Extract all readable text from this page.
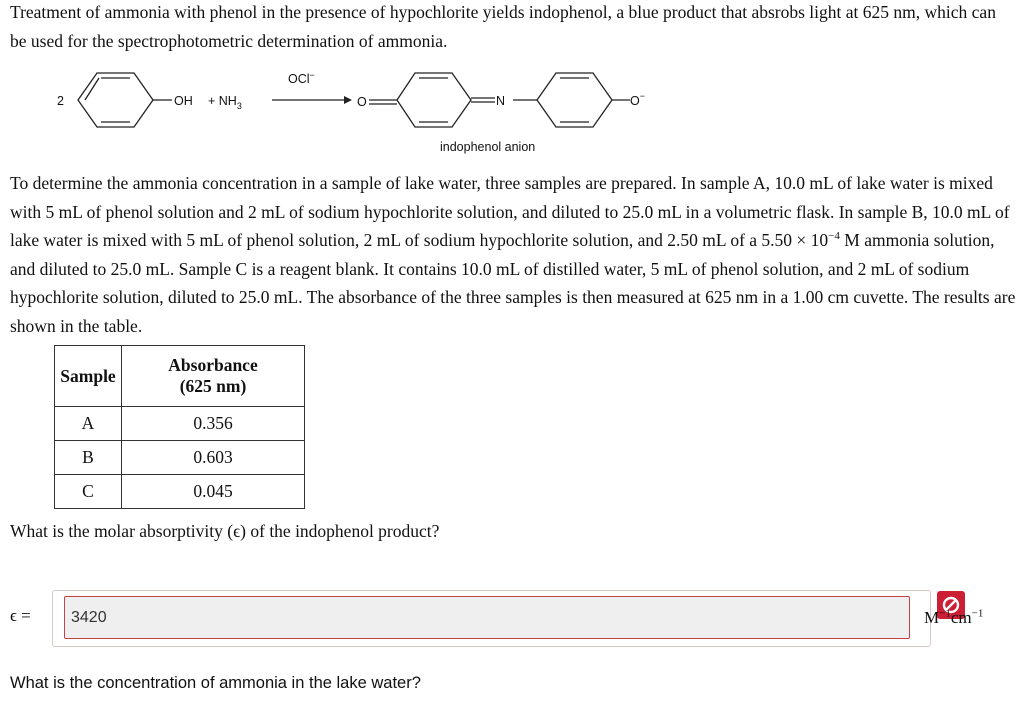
Treatment of ammonia with phenol in the presence of hypochlorite yields indophenol, a blue product that absrobs light at 625 nm, which can be used for the spectrophotometric determination of ammonia.

2	OH + $NH_3$
OCl−
O	N	O−
indophenol anion

To determine the ammonia concentration in a sample of lake water, three samples are prepared. In sample A, 10.0 mL of lake water is mixed with 5 mL of phenol solution and 2 mL of sodium hypochlorite solution, and diluted to 25.0 mL in a volumetric flask. In sample B, 10.0 mL of lake water is mixed with 5 mL of phenol solution, 2 mL of sodium hypochlorite solution, and 2.50 mL of a $5.50 \times 10^{-4}$ M ammonia solution, and diluted to 25.0 mL. Sample C is a reagent blank. It contains 10.0 mL of distilled water, 5 mL of phenol solution, and 2 mL of sodium hypochlorite solution, diluted to 25.0 mL. The absorbance of the three samples is then measured at 625 nm in a 1.00 cm cuvette. The results are shown in the table.

Sample	Absorbance
(625 nm)
A	0.356
B	0.603
C	0.045

What is the molar absorptivity (ϵ) of the indophenol product?

ϵ =
3420	$M^{-1}cm^{-1}$

What is the concentration of ammonia in the lake water?
